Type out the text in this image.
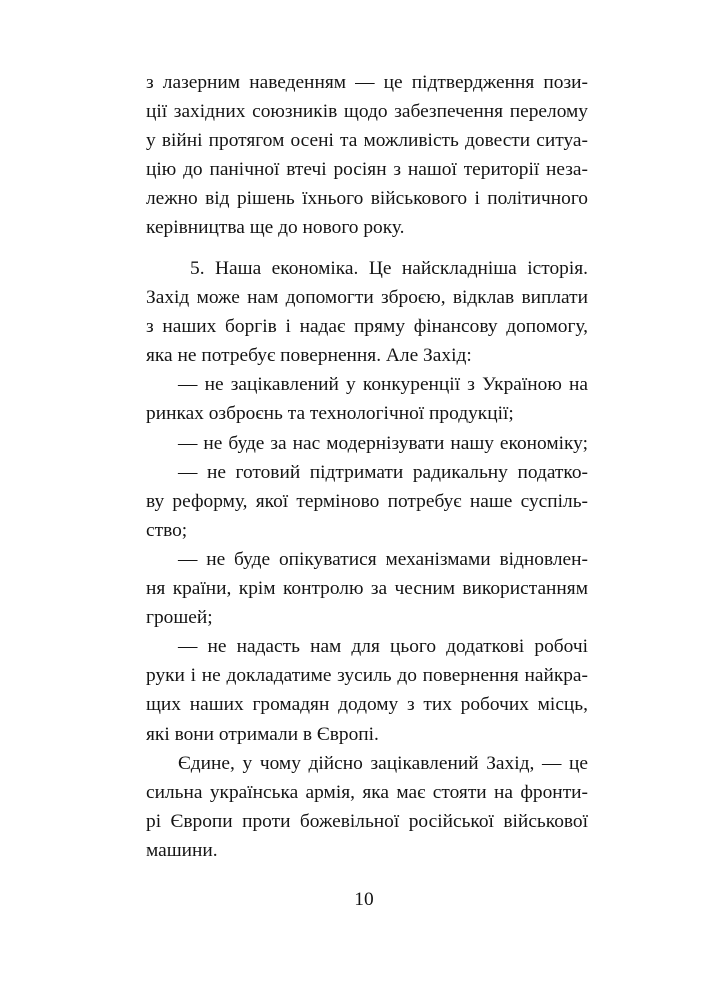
з лазерним наведенням — це підтвердження пози-
ції західних союзників щодо забезпечення перелому
у війні протягом осені та можливість довести ситуа-
цію до панічної втечі росіян з нашої території неза-
лежно від рішень їхнього військового і політичного
керівництва ще до нового року.
5. Наша економіка. Це найскладніша історія.
Захід може нам допомогти зброєю, відклав виплати
з наших боргів і надає пряму фінансову допомогу,
яка не потребує повернення. Але Захід:
— не зацікавлений у конкуренції з Україною на
ринках озброєнь та технологічної продукції;
— не буде за нас модернізувати нашу економіку;
— не готовий підтримати радикальну податко-
ву реформу, якої терміново потребує наше суспіль-
ство;
— не буде опікуватися механізмами відновлен-
ня країни, крім контролю за чесним використанням
грошей;
— не надасть нам для цього додаткові робочі
руки і не докладатиме зусиль до повернення найкра-
щих наших громадян додому з тих робочих місць,
які вони отримали в Європі.
Єдине, у чому дійсно зацікавлений Захід, — це
сильна українська армія, яка має стояти на фронти-
рі Європи проти божевільної російської військової
машини.
10
